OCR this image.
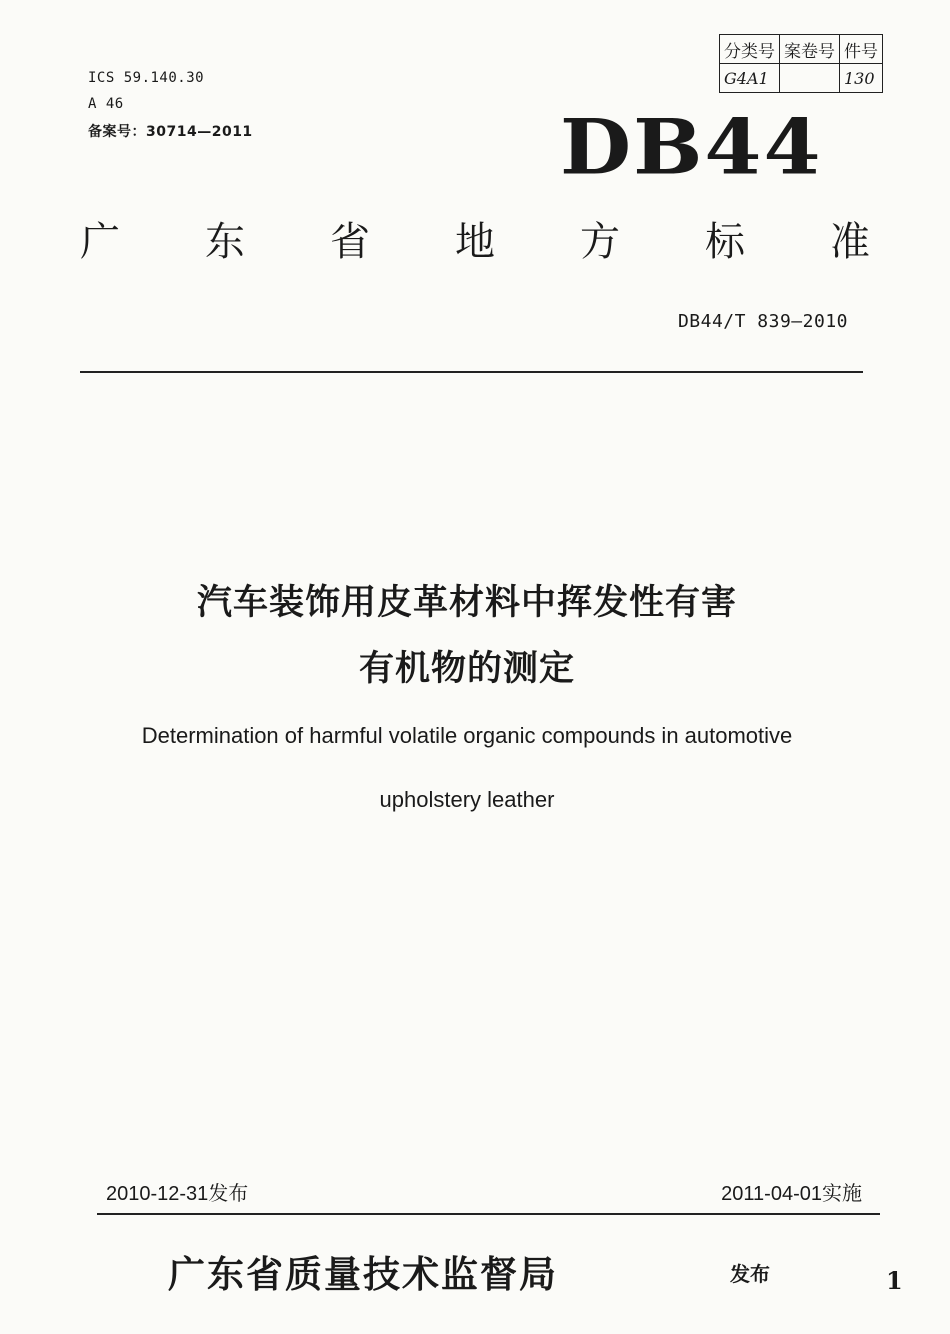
ICS 59.140.30
A 46
备案号：30714—2011
分类号	案卷号	件号
G4A1		130
DB44
广 东 省 地 方 标 准
DB44/T 839—2010
汽车装饰用皮革材料中挥发性有害
有机物的测定
Determination of harmful volatile organic compounds in automotive
upholstery leather
2010-12-31发布	2011-04-01实施
广东省质量技术监督局	发布	1
